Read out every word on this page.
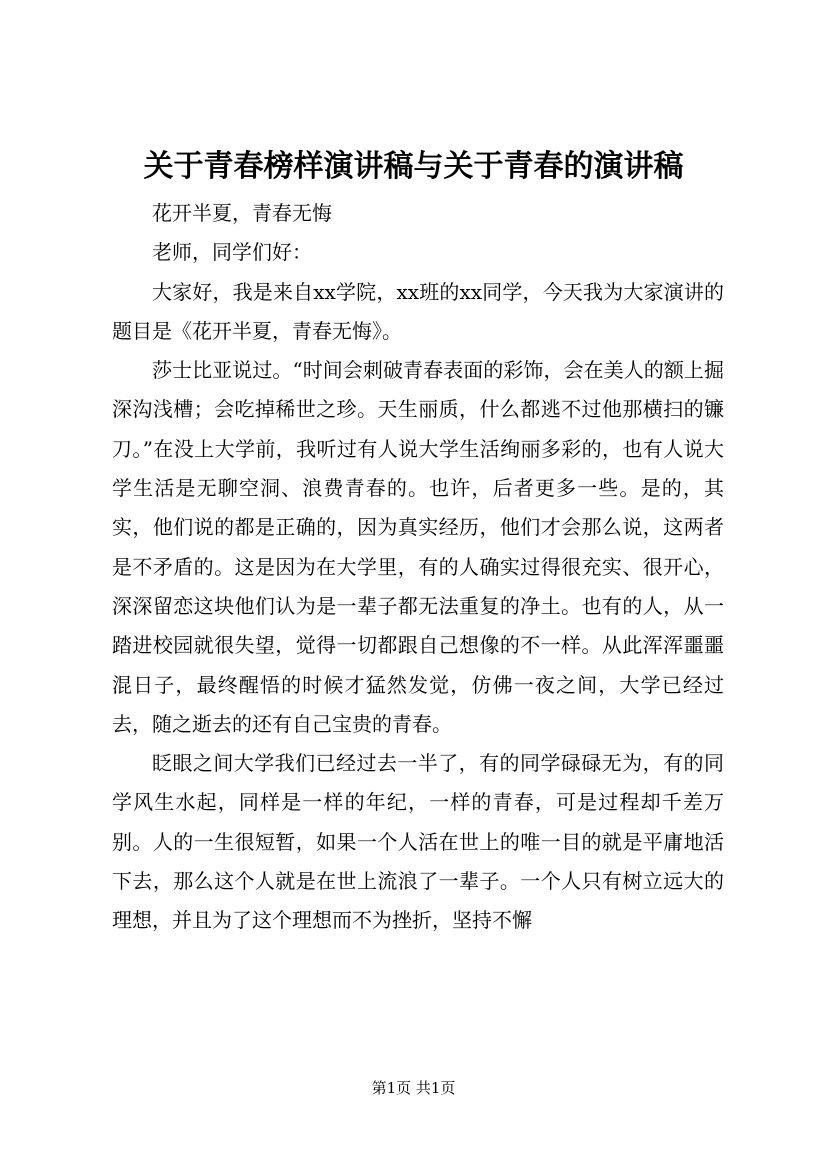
关于青春榜样演讲稿与关于青春的演讲稿

花开半夏，青春无悔

老师，同学们好：

大家好，我是来自xx学院，xx班的xx同学，今天我为大家演讲的题目是《花开半夏，青春无悔》。

莎士比亚说过。“时间会刺破青春表面的彩饰，会在美人的额上掘深沟浅槽；会吃掉稀世之珍。天生丽质，什么都逃不过他那横扫的镰刀。”在没上大学前，我听过有人说大学生活绚丽多彩的，也有人说大学生活是无聊空洞、浪费青春的。也许，后者更多一些。是的，其实，他们说的都是正确的，因为真实经历，他们才会那么说，这两者是不矛盾的。这是因为在大学里，有的人确实过得很充实、很开心，深深留恋这块他们认为是一辈子都无法重复的净土。也有的人，从一踏进校园就很失望，觉得一切都跟自己想像的不一样。从此浑浑噩噩混日子，最终醒悟的时候才猛然发觉，仿佛一夜之间，大学已经过去，随之逝去的还有自己宝贵的青春。

眨眼之间大学我们已经过去一半了，有的同学碌碌无为，有的同学风生水起，同样是一样的年纪，一样的青春，可是过程却千差万别。人的一生很短暂，如果一个人活在世上的唯一目的就是平庸地活下去，那么这个人就是在世上流浪了一辈子。一个人只有树立远大的理想，并且为了这个理想而不为挫折，坚持不懈

第1页 共1页
